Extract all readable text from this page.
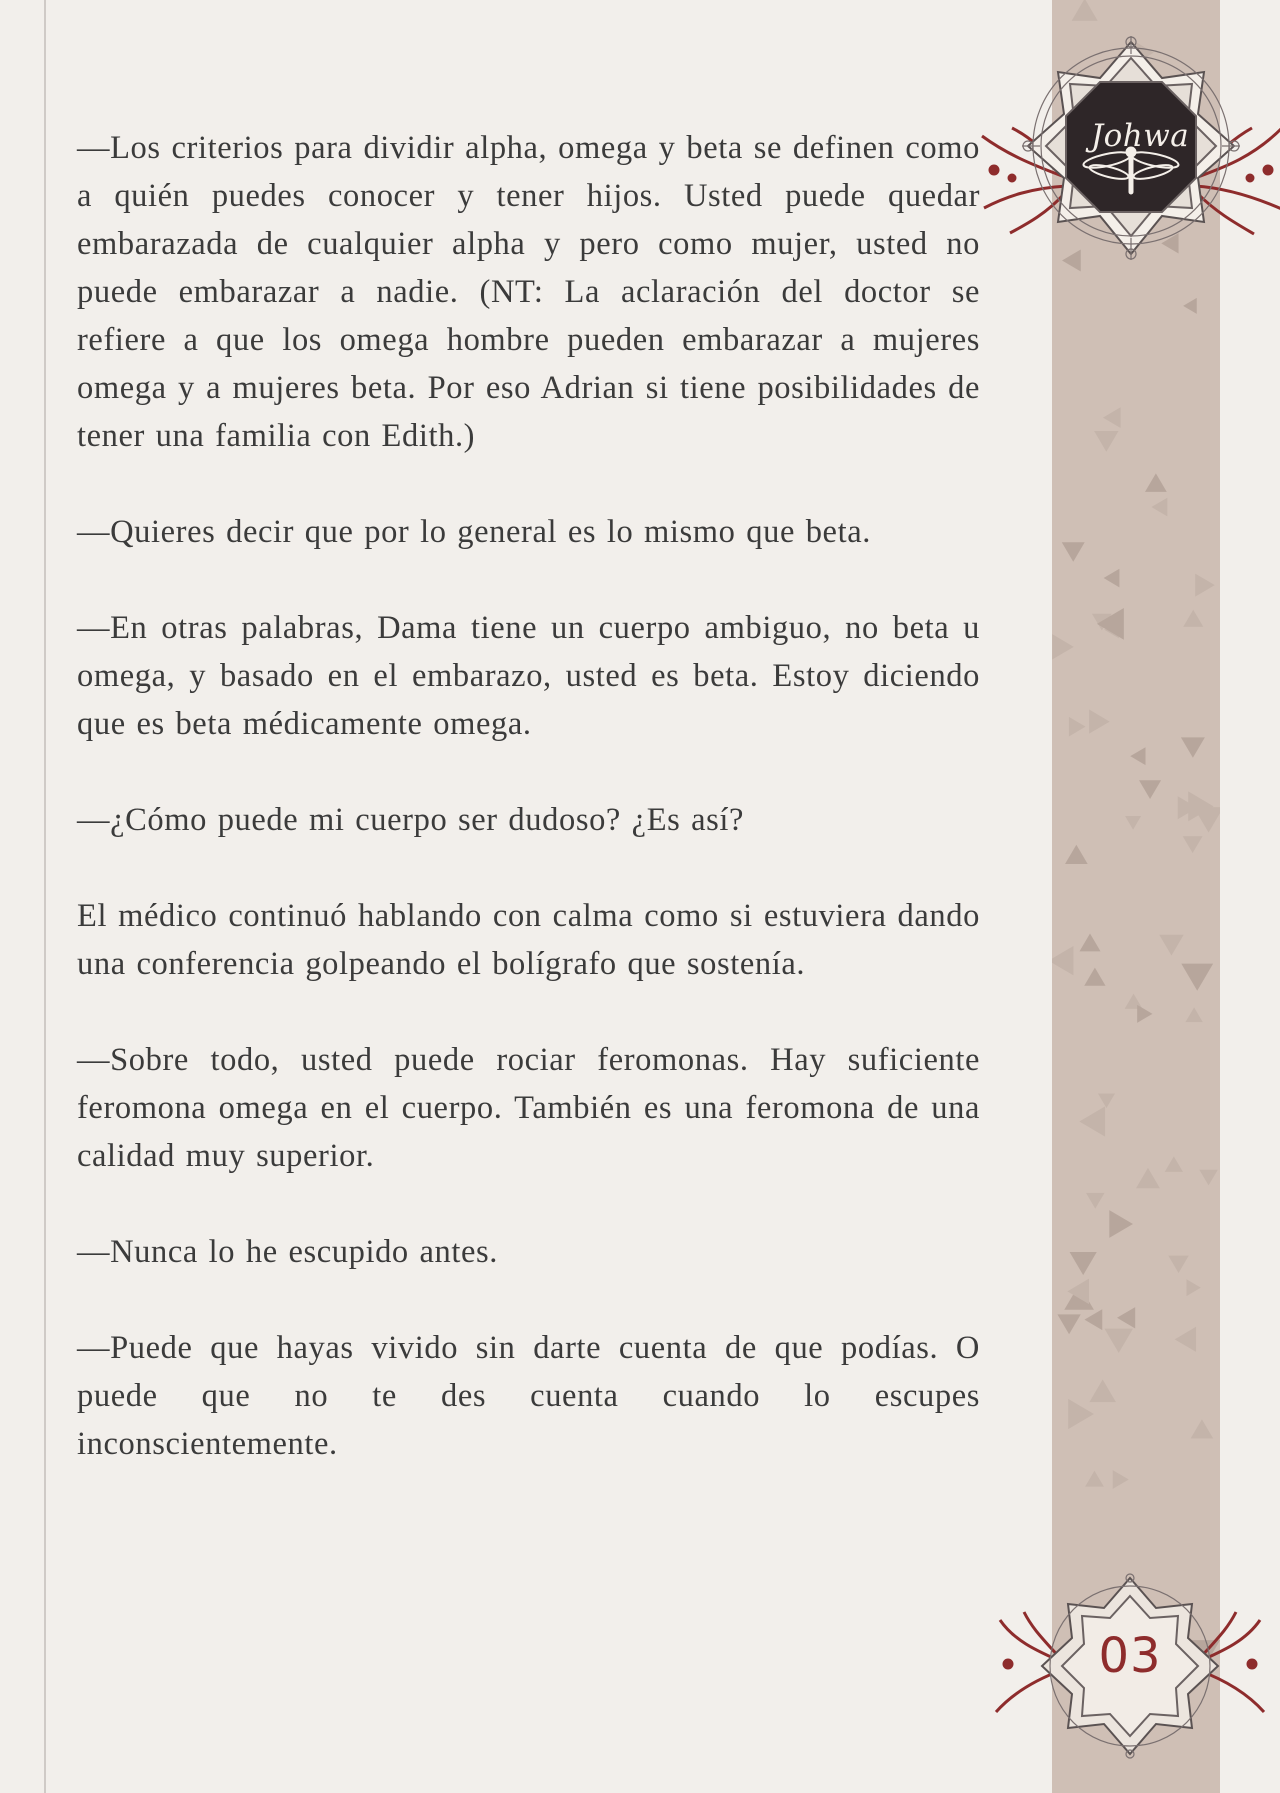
—Los criterios para dividir alpha, omega y beta se definen como a quién puedes conocer y tener hijos. Usted puede quedar embarazada de cualquier alpha y pero como mujer, usted no puede embarazar a nadie. (NT: La aclaración del doctor se refiere a que los omega hombre pueden embarazar a mujeres omega y a mujeres beta. Por eso Adrian si tiene posibilidades de tener una familia con Edith.)

—Quieres decir que por lo general es lo mismo que beta.

—En otras palabras, Dama tiene un cuerpo ambiguo, no beta u omega, y basado en el embarazo, usted es beta. Estoy diciendo que es beta médicamente omega.

—¿Cómo puede mi cuerpo ser dudoso? ¿Es así?

El médico continuó hablando con calma como si estuviera dando una conferencia golpeando el bolígrafo que sostenía.

—Sobre todo, usted puede rociar feromonas. Hay suficiente feromona omega en el cuerpo. También es una feromona de una calidad muy superior.

—Nunca lo he escupido antes.

—Puede que hayas vivido sin darte cuenta de que podías. O puede que no te des cuenta cuando lo escupes inconscientemente.

Johwa
03
